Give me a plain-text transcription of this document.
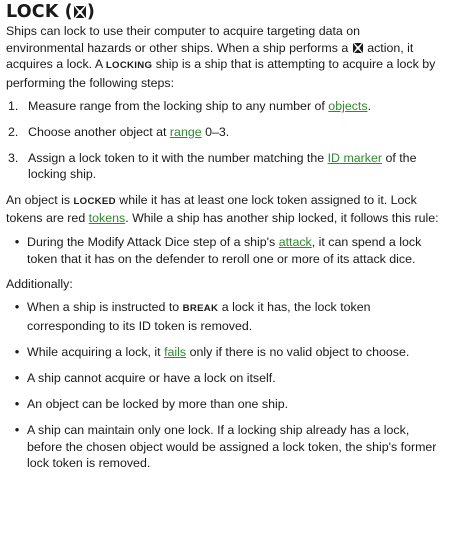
LOCK ( )

Ships can lock to use their computer to acquire targeting data on environmental hazards or other ships. When a ship performs a action, it acquires a lock. A LOCKING ship is a ship that is attempting to acquire a lock by performing the following steps:

1. Measure range from the locking ship to any number of objects.
2. Choose another object at range 0–3.
3. Assign a lock token to it with the number matching the ID marker of the locking ship.

An object is LOCKED while it has at least one lock token assigned to it. Lock tokens are red tokens. While a ship has another ship locked, it follows this rule:

• During the Modify Attack Dice step of a ship's attack, it can spend a lock token that it has on the defender to reroll one or more of its attack dice.

Additionally:

• When a ship is instructed to BREAK a lock it has, the lock token corresponding to its ID token is removed.
• While acquiring a lock, it fails only if there is no valid object to choose.
• A ship cannot acquire or have a lock on itself.
• An object can be locked by more than one ship.
• A ship can maintain only one lock. If a locking ship already has a lock, before the chosen object would be assigned a lock token, the ship's former lock token is removed.
